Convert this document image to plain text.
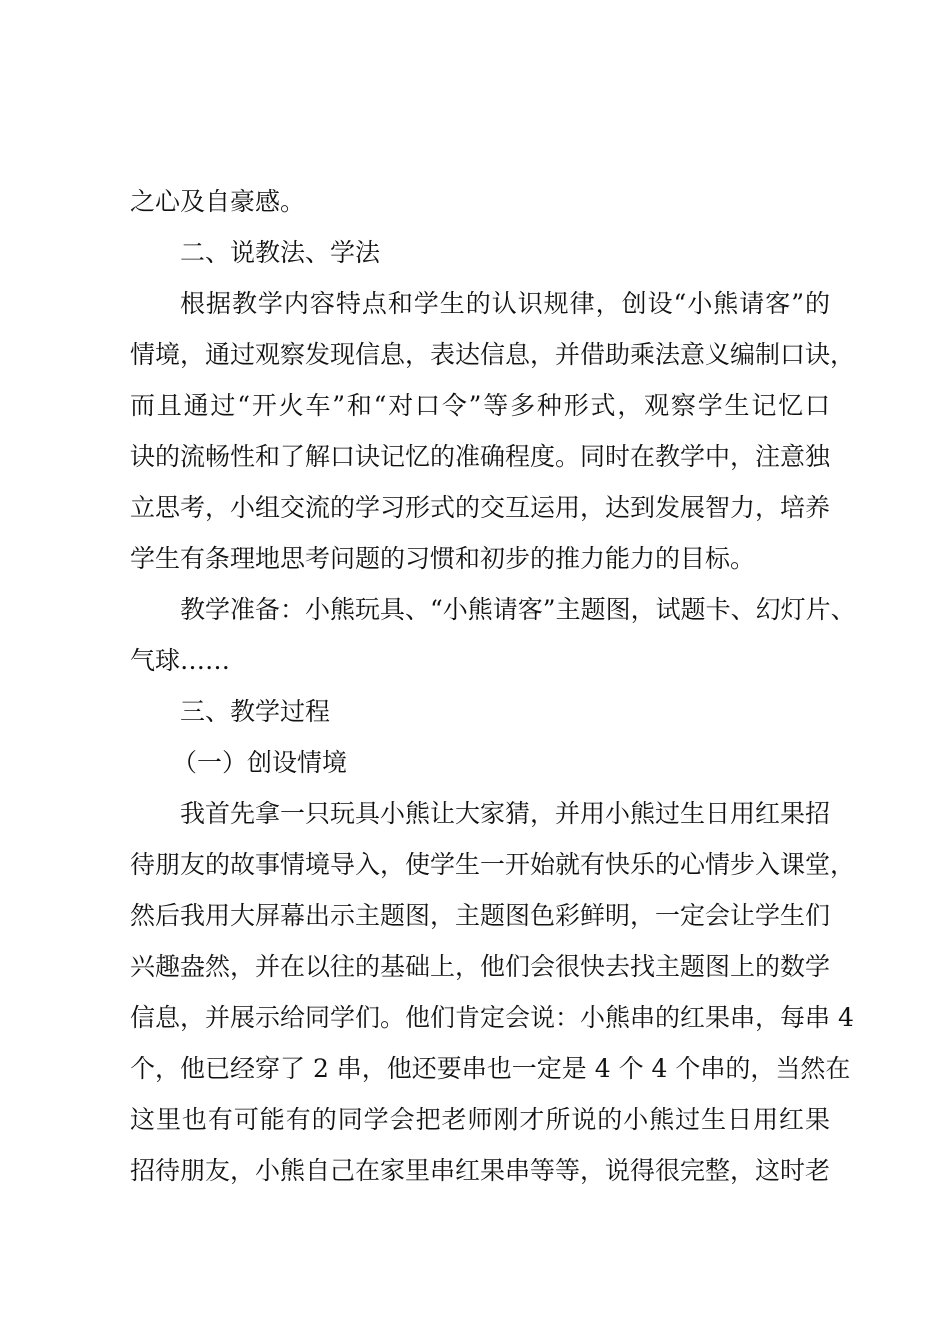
之心及自豪感。
二、说教法、学法
根据教学内容特点和学生的认识规律，创设“小熊请客”的
情境，通过观察发现信息，表达信息，并借助乘法意义编制口诀，
而且通过“开火车”和“对口令”等多种形式，观察学生记忆口
诀的流畅性和了解口诀记忆的准确程度。同时在教学中，注意独
立思考，小组交流的学习形式的交互运用，达到发展智力，培养
学生有条理地思考问题的习惯和初步的推力能力的目标。
教学准备：小熊玩具、“小熊请客”主题图，试题卡、幻灯片、
气球……
三、教学过程
（一）创设情境
我首先拿一只玩具小熊让大家猜，并用小熊过生日用红果招
待朋友的故事情境导入，使学生一开始就有快乐的心情步入课堂，
然后我用大屏幕出示主题图，主题图色彩鲜明，一定会让学生们
兴趣盎然，并在以往的基础上，他们会很快去找主题图上的数学
信息，并展示给同学们。他们肯定会说：小熊串的红果串，每串 4
个，他已经穿了 2 串，他还要串也一定是 4 个 4 个串的，当然在
这里也有可能有的同学会把老师刚才所说的小熊过生日用红果
招待朋友，小熊自己在家里串红果串等等，说得很完整，这时老
